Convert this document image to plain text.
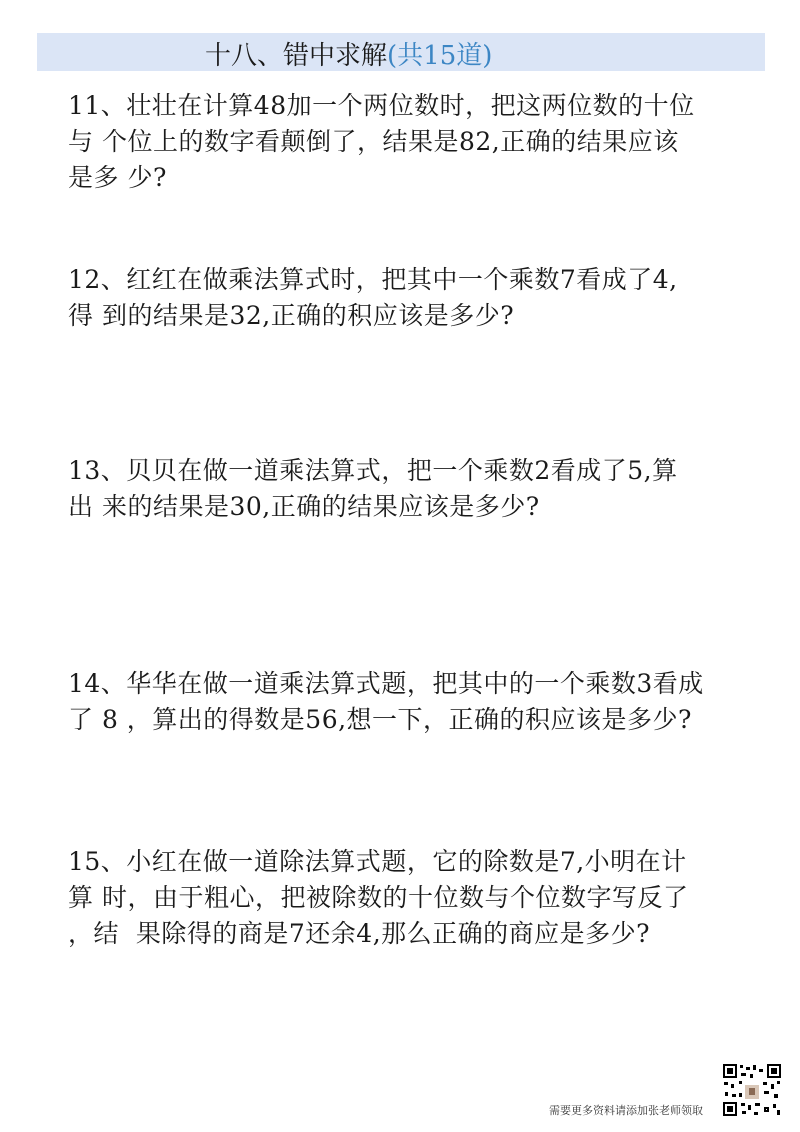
十八、错中求解(共15道)
11、壮壮在计算48加一个两位数时，把这两位数的十位
与 个位上的数字看颠倒了，结果是82,正确的结果应该
是多 少?
12、红红在做乘法算式时，把其中一个乘数7看成了4,
得 到的结果是32,正确的积应该是多少?
13、贝贝在做一道乘法算式，把一个乘数2看成了5,算
出 来的结果是30,正确的结果应该是多少?
14、华华在做一道乘法算式题，把其中的一个乘数3看成
了 8 ，算出的得数是56,想一下，正确的积应该是多少?
15、小红在做一道除法算式题，它的除数是7,小明在计
算 时，由于粗心，把被除数的十位数与个位数字写反了
，结  果除得的商是7还余4,那么正确的商应是多少?
需要更多资料请添加张老师领取
